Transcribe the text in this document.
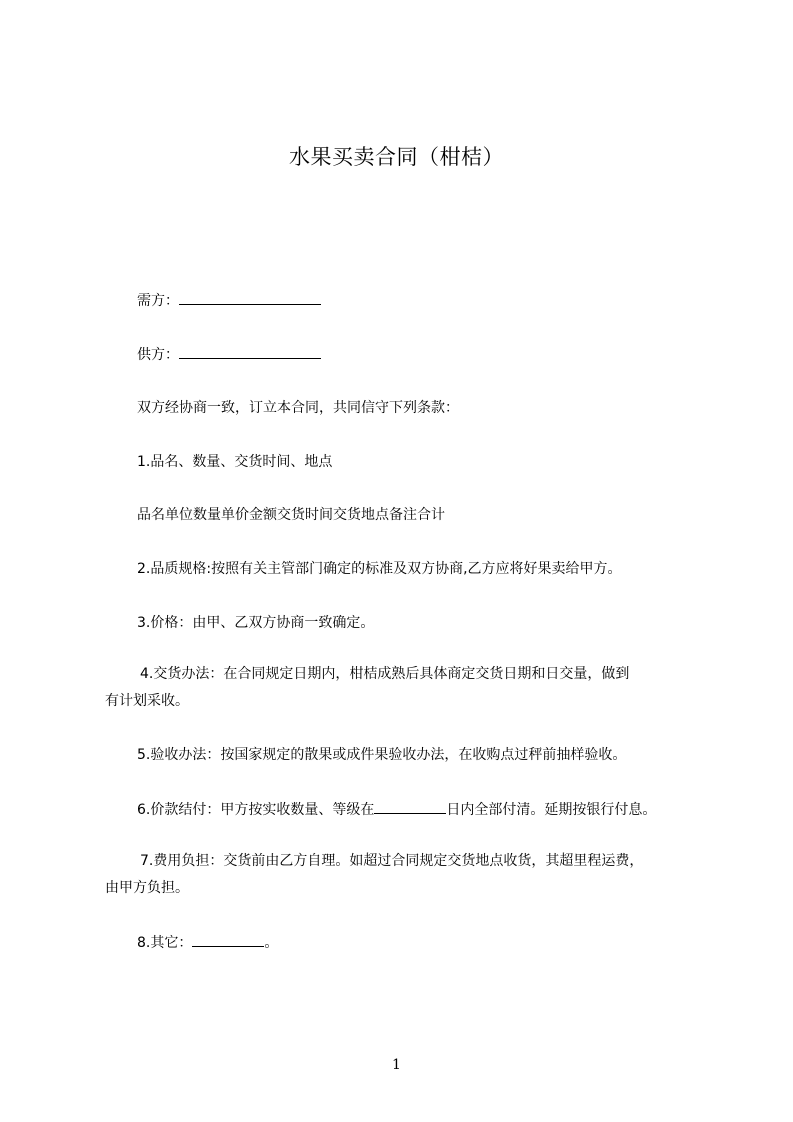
水果买卖合同（柑桔）
需方：
供方：
双方经协商一致，订立本合同，共同信守下列条款：
1.品名、数量、交货时间、地点
品名单位数量单价金额交货时间交货地点备注合计
2.品质规格:按照有关主管部门确定的标准及双方协商,乙方应将好果卖给甲方。
3.价格：由甲、乙双方协商一致确定。
4.交货办法：在合同规定日期内，柑桔成熟后具体商定交货日期和日交量，做到
有计划采收。
5.验收办法：按国家规定的散果或成件果验收办法，在收购点过秤前抽样验收。
6.价款结付：甲方按实收数量、等级在	日内全部付清。延期按银行付息。
7.费用负担：交货前由乙方自理。如超过合同规定交货地点收货，其超里程运费，
由甲方负担。
8.其它：	。
1
